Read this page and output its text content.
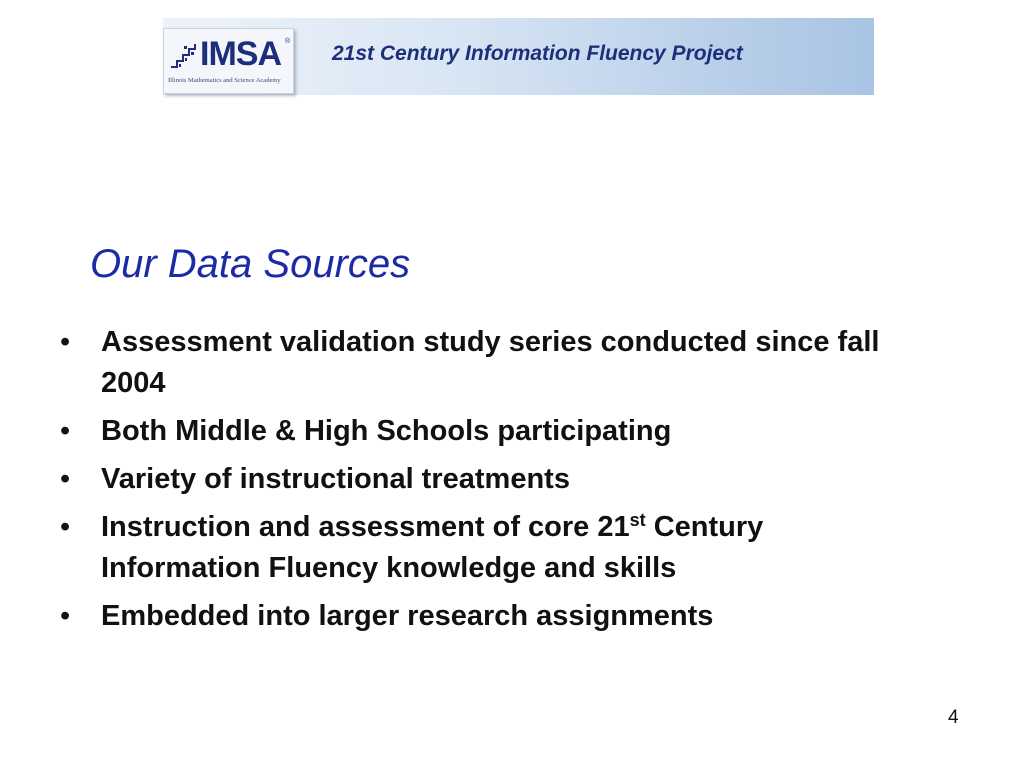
IMSA ®
Illinois Mathematics and Science Academy
21st Century Information Fluency Project
Our Data Sources
• Assessment validation study series conducted since fall 2004
• Both Middle & High Schools participating
• Variety of instructional treatments
• Instruction and assessment of core 21st Century Information Fluency knowledge and skills
• Embedded into larger research assignments
4
